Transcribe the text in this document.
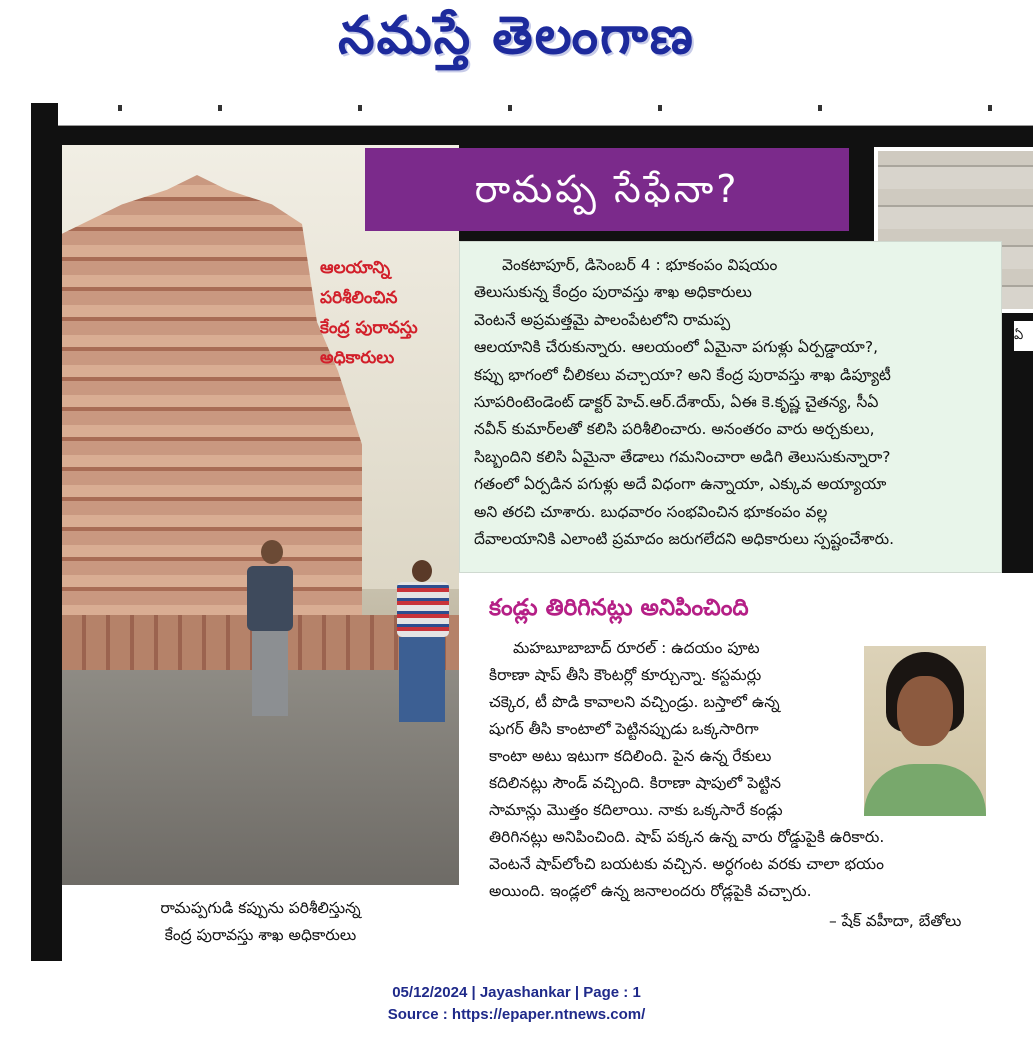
నమస్తే తెలంగాణ
ఆలయాన్ని
పరిశీలించిన
కేంద్ర పురావస్తు
అధికారులు
రామప్ప సేఫేనా?
ఏ

వెంకటాపూర్, డిసెంబర్ 4 : భూకంపం విషయం
తెలుసుకున్న కేంద్రం పురావస్తు శాఖ అధికారులు
వెంటనే అప్రమత్తమై పాలంపేటలోని రామప్ప
ఆలయానికి చేరుకున్నారు. ఆలయంలో ఏమైనా పగుళ్లు ఏర్పడ్డాయా?,
కప్పు భాగంలో చీలికలు వచ్చాయా? అని కేంద్ర పురావస్తు శాఖ డిప్యూటీ
సూపరింటెండెంట్ డాక్టర్ హెచ్.ఆర్.దేశాయ్, ఏఈ కె.కృష్ణ చైతన్య, సీఏ
నవీన్ కుమార్‌లతో కలిసి పరిశీలించారు. అనంతరం వారు అర్చకులు,
సిబ్బందిని కలిసి ఏమైనా తేడాలు గమనించారా అడిగి తెలుసుకున్నారా?
గతంలో ఏర్పడిన పగుళ్లు అదే విధంగా ఉన్నాయా, ఎక్కువ అయ్యాయా
అని తరచి చూశారు. బుధవారం సంభవించిన భూకంపం వల్ల
దేవాలయానికి ఎలాంటి ప్రమాదం జరుగలేదని అధికారులు స్పష్టంచేశారు.

కండ్లు తిరిగినట్లు అనిపించింది
మహబూబాబాద్ రూరల్ : ఉదయం పూట
కిరాణా షాప్ తీసి కౌంటర్లో కూర్చున్నా. కస్టమర్లు
చక్కెర, టీ పొడి కావాలని వచ్చిండ్రు. బస్తాలో ఉన్న
షుగర్ తీసి కాంటాలో పెట్టినప్పుడు ఒక్కసారిగా
కాంటా అటు ఇటుగా కదిలింది. పైన ఉన్న రేకులు
కదిలినట్లు సౌండ్ వచ్చింది. కిరాణా షాపులో పెట్టిన
సామాన్లు మొత్తం కదిలాయి. నాకు ఒక్కసారే కండ్లు
తిరిగినట్లు అనిపించింది. షాప్ పక్కన ఉన్న వారు రోడ్డుపైకి ఉరికారు.
వెంటనే షాప్‌లోంచి బయటకు వచ్చిన. అర్ధగంట వరకు చాలా భయం
అయింది. ఇండ్లలో ఉన్న జనాలందరు రోడ్లపైకి వచ్చారు.
– షేక్ వహీదా, బేతోలు
రామప్పగుడి కప్పును పరిశీలిస్తున్న
కేంద్ర పురావస్తు శాఖ అధికారులు
05/12/2024 | Jayashankar | Page : 1
Source : https://epaper.ntnews.com/
